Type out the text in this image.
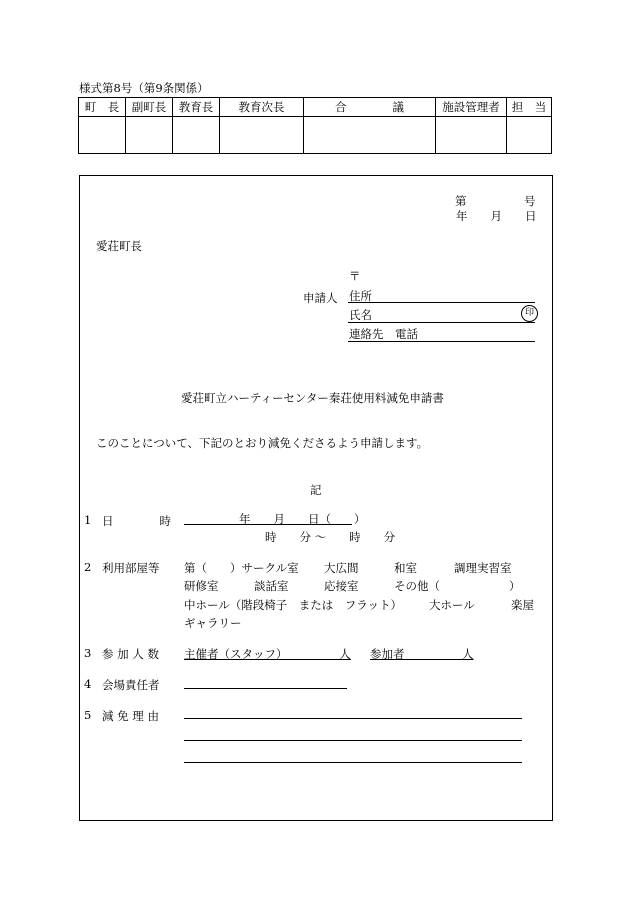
様式第8号（第9条関係）
町　長	副町長	教育長	教育次長	合　　　　議	施設管理者	担　当

第　　　　　号
年　　月　　日
愛荘町長
〒
申請人 住所
氏名	印
連絡先　電話
愛荘町立ハーティーセンター秦荘使用料減免申請書
このことについて、下記のとおり減免くださるよう申請します。
記
1 日　　　　時 　　　　年　　月　　日（　　）
時　　分 〜　　時　　分
2 利用部屋等 第（　　）サークル室 大広間	和室	調理実習室
研修室	談話室	応接室	その他（　　　　　　）
中ホール（階段椅子　または　フラット） 大ホール	楽屋
ギャラリー
3 参 加 人 数 主催者（スタッフ）　　　　　人 参加者　　　　　人
4 会場責任者
5 減 免 理 由
